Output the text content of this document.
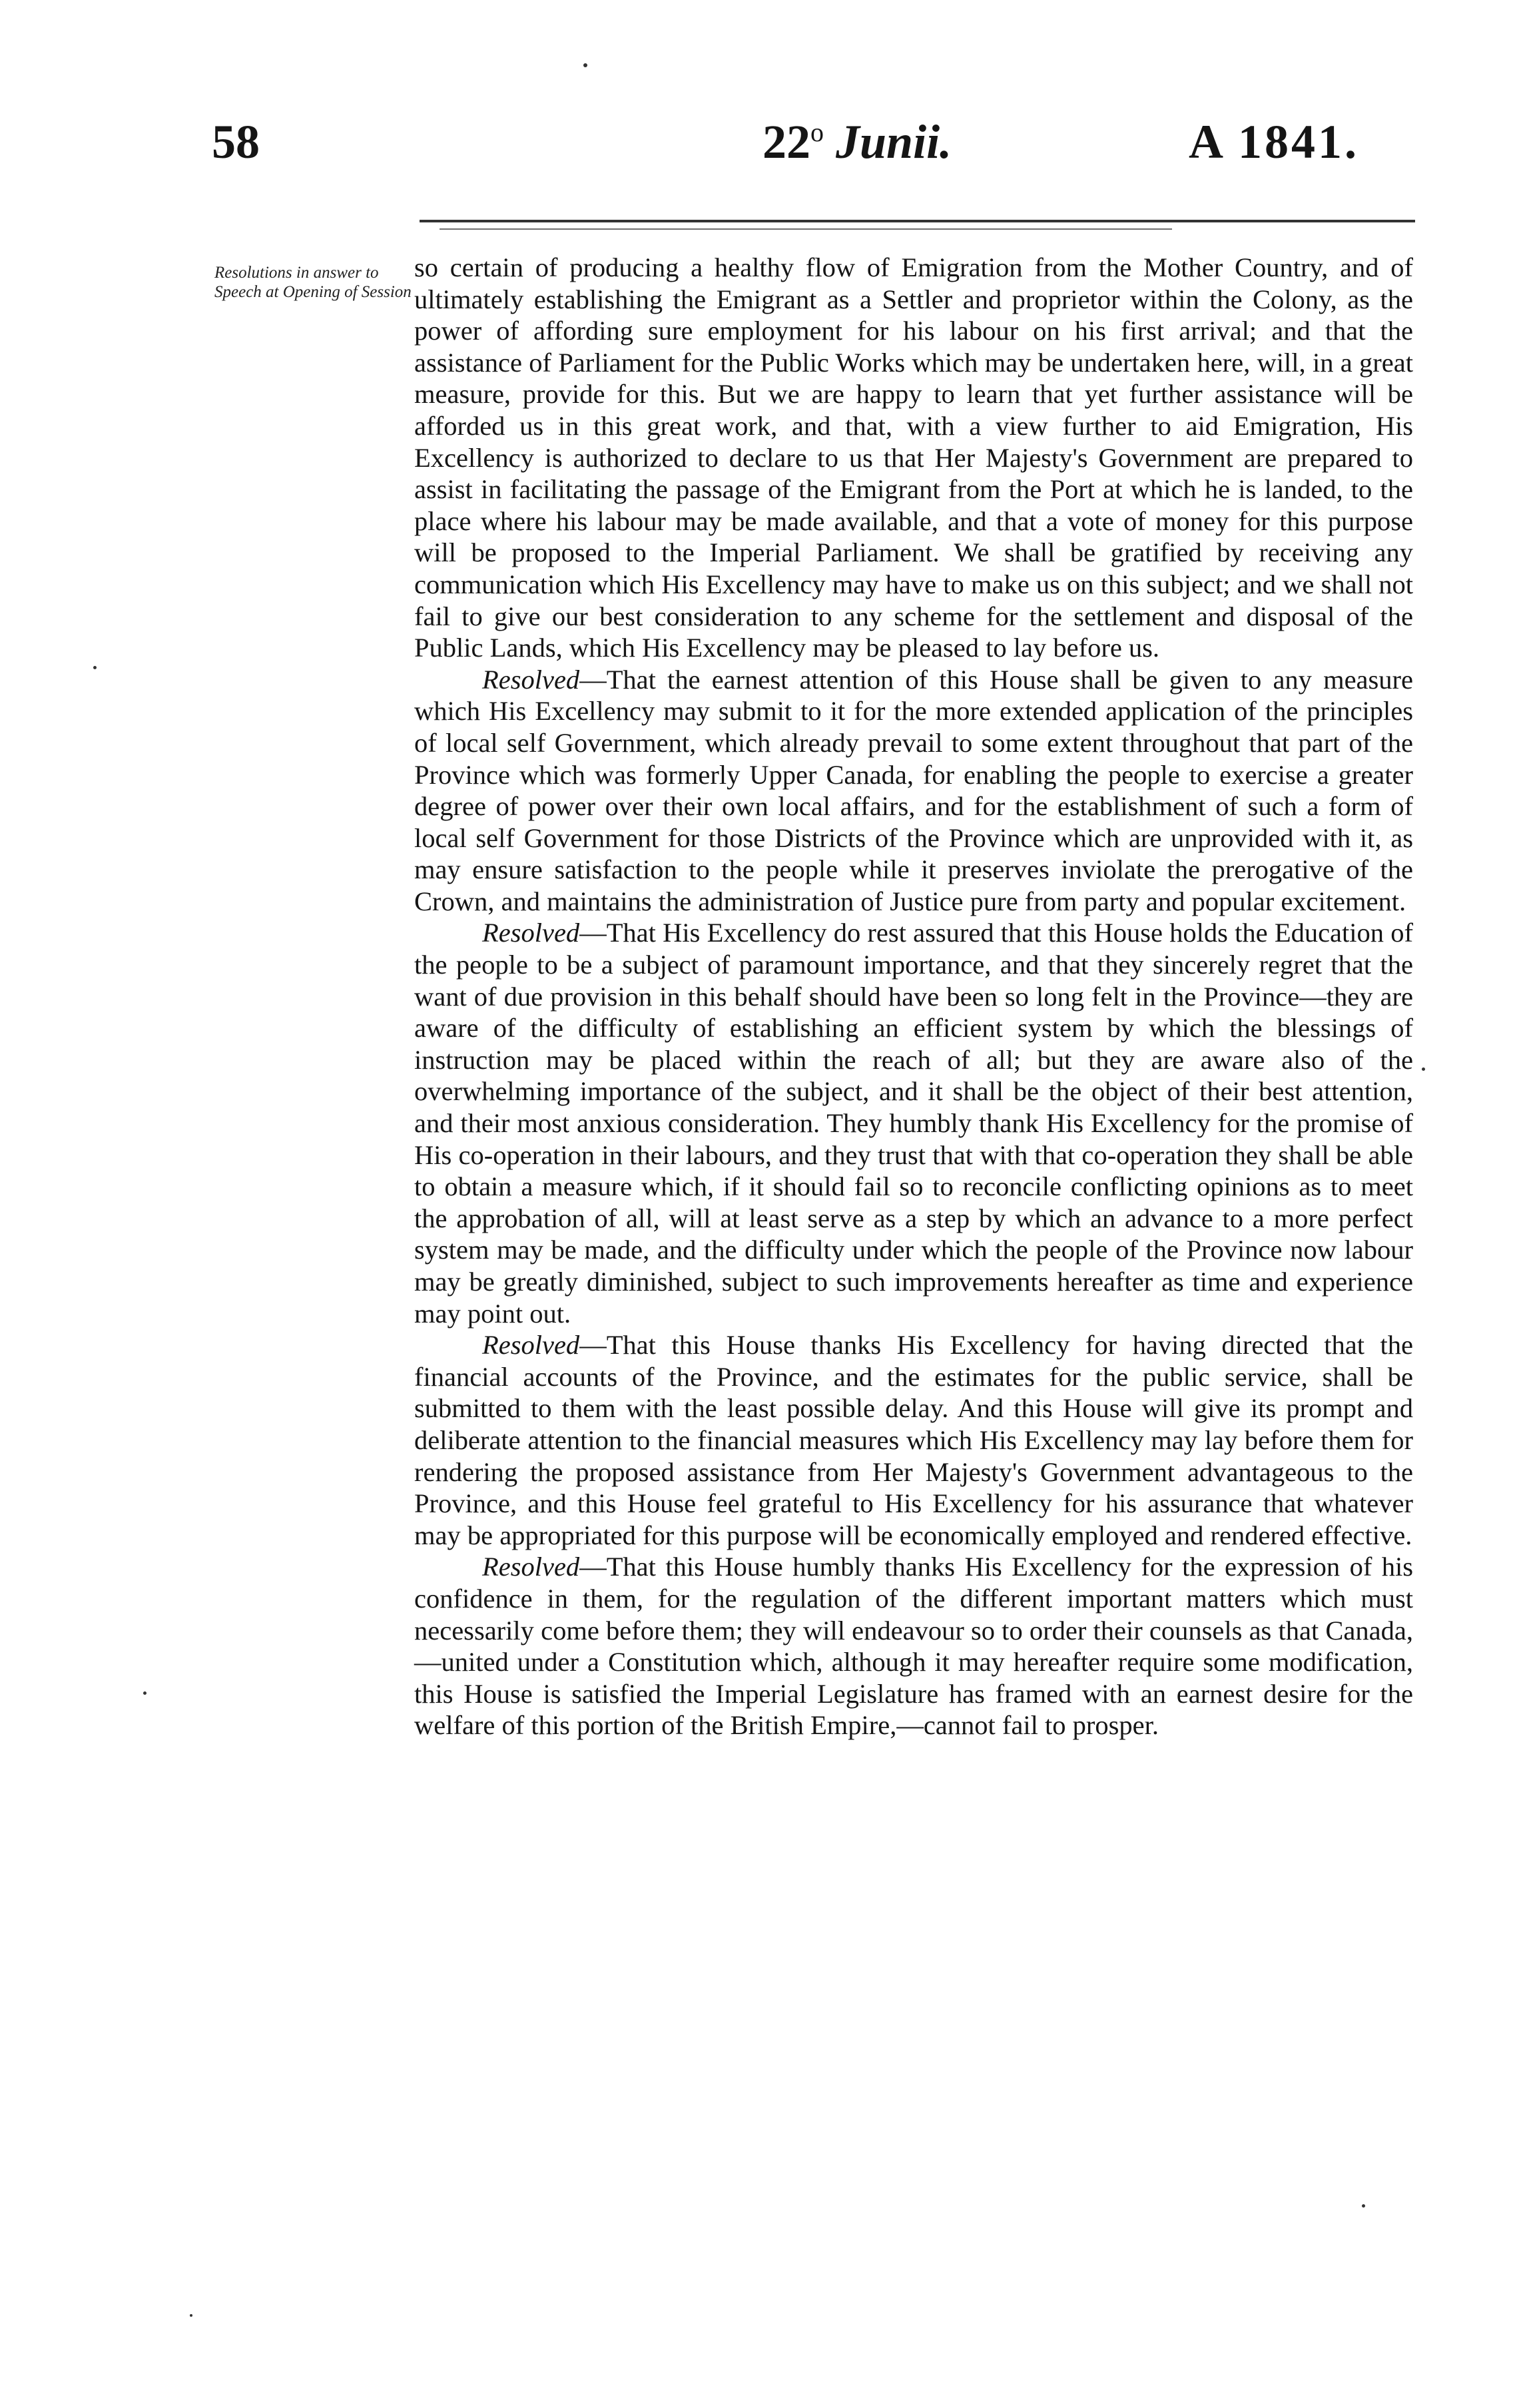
58	22$^o$ Junii.	A 1841.
Resolutions in answer to Speech at Opening of Session

so certain of producing a healthy flow of Emigration from the Mother Country, and of ultimately establishing the Emigrant as a Settler and proprietor within the Colony, as the power of affording sure employment for his labour on his first arrival; and that the assistance of Parliament for the Public Works which may be undertaken here, will, in a great measure, provide for this. But we are happy to learn that yet further assistance will be afforded us in this great work, and that, with a view further to aid Emigration, His Excellency is authorized to declare to us that Her Majesty's Government are prepared to assist in facilitating the passage of the Emigrant from the Port at which he is landed, to the place where his labour may be made available, and that a vote of money for this purpose will be proposed to the Imperial Parliament. We shall be gratified by receiving any communication which His Excellency may have to make us on this subject; and we shall not fail to give our best consideration to any scheme for the settlement and disposal of the Public Lands, which His Excellency may be pleased to lay before us.

Resolved—That the earnest attention of this House shall be given to any measure which His Excellency may submit to it for the more extended application of the principles of local self Government, which already prevail to some extent throughout that part of the Province which was formerly Upper Canada, for enabling the people to exercise a greater degree of power over their own local affairs, and for the establishment of such a form of local self Government for those Districts of the Province which are unprovided with it, as may ensure satisfaction to the people while it preserves inviolate the prerogative of the Crown, and maintains the administration of Justice pure from party and popular excitement.

Resolved—That His Excellency do rest assured that this House holds the Education of the people to be a subject of paramount importance, and that they sincerely regret that the want of due provision in this behalf should have been so long felt in the Province—they are aware of the difficulty of establishing an efficient system by which the blessings of instruction may be placed within the reach of all; but they are aware also of the overwhelming importance of the subject, and it shall be the object of their best attention, and their most anxious consideration. They humbly thank His Excellency for the promise of His co-operation in their labours, and they trust that with that co-operation they shall be able to obtain a measure which, if it should fail so to reconcile conflicting opinions as to meet the approbation of all, will at least serve as a step by which an advance to a more perfect system may be made, and the difficulty under which the people of the Province now labour may be greatly diminished, subject to such improvements hereafter as time and experience may point out.

Resolved—That this House thanks His Excellency for having directed that the financial accounts of the Province, and the estimates for the public service, shall be submitted to them with the least possible delay. And this House will give its prompt and deliberate attention to the financial measures which His Excellency may lay before them for rendering the proposed assistance from Her Majesty's Government advantageous to the Province, and this House feel grateful to His Excellency for his assurance that whatever may be appropriated for this purpose will be economically employed and rendered effective.

Resolved—That this House humbly thanks His Excellency for the expression of his confidence in them, for the regulation of the different important matters which must necessarily come before them; they will endeavour so to order their counsels as that Canada,—united under a Constitution which, although it may hereafter require some modification, this House is satisfied the Imperial Legislature has framed with an earnest desire for the welfare of this portion of the British Empire,—cannot fail to prosper.
